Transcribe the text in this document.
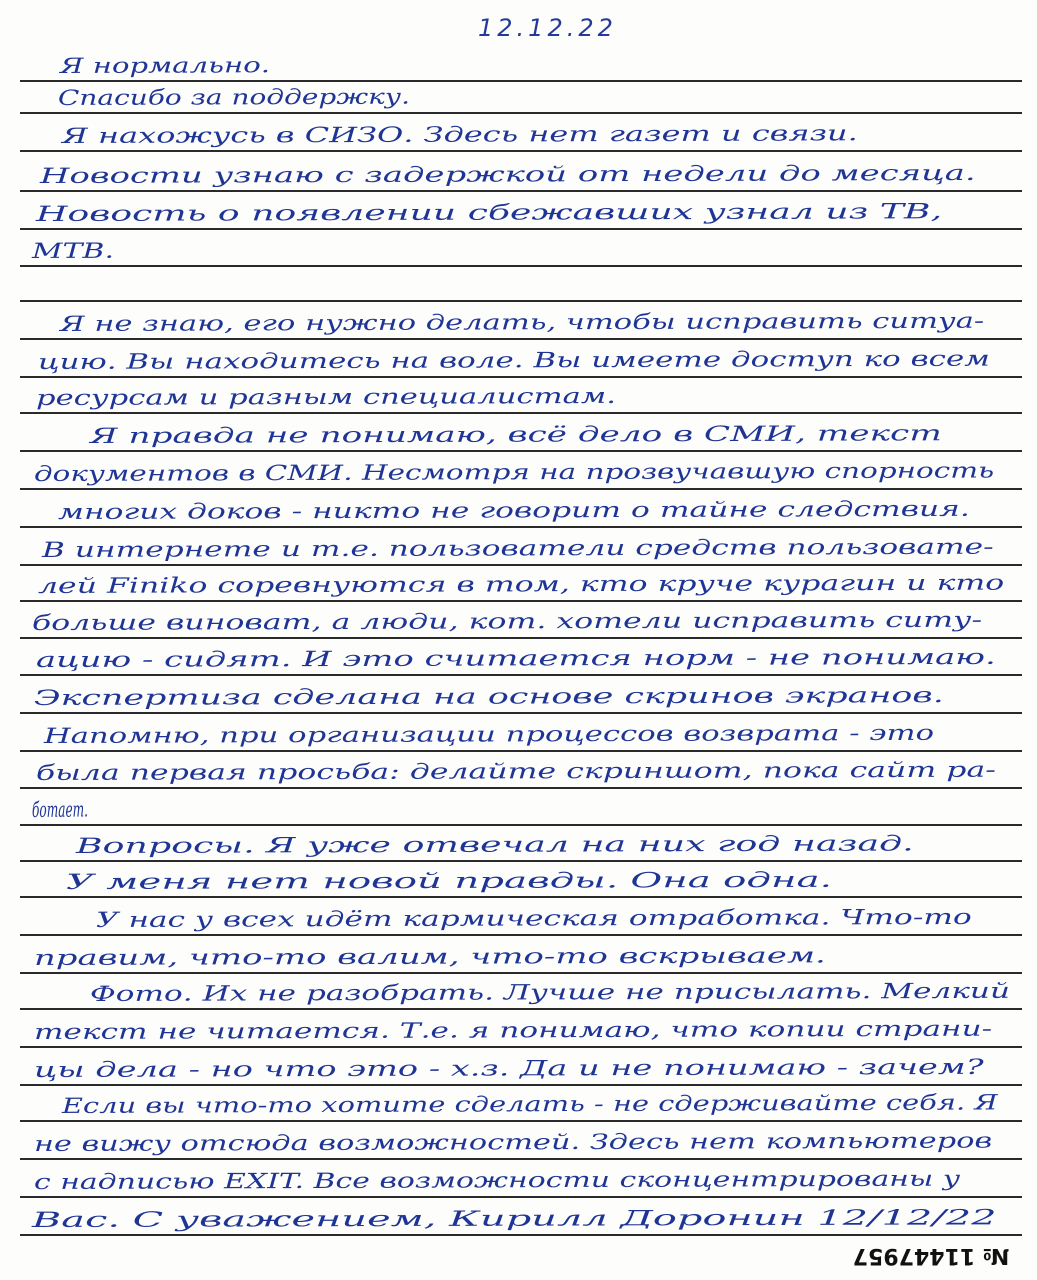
12.12.22
Я нормально.
Спасибо за поддержку.
Я нахожусь в СИЗО. Здесь нет газет и связи.
Новости узнаю с задержкой от недели до месяца.
Новость о появлении сбежавших узнал из ТВ,
МТВ.
Я не знаю, его нужно делать, чтобы исправить ситуа-
цию. Вы находитесь на воле. Вы имеете доступ ко всем
ресурсам и разным специалистам.
Я правда не понимаю, всё дело в СМИ, текст
документов в СМИ. Несмотря на прозвучавшую спорность
многих доков - никто не говорит о тайне следствия.
В интернете и т.е. пользователи средств пользовате-
лей Finiko соревнуются в том, кто круче курагин и кто
больше виноват, а люди, кот. хотели исправить ситу-
ацию - сидят. И это считается норм - не понимаю.
Экспертиза сделана на основе скринов экранов.
Напомню, при организации процессов возврата - это
была первая просьба: делайте скриншот, пока сайт ра-
ботает.
Вопросы. Я уже отвечал на них год назад.
У меня нет новой правды. Она одна.
У нас у всех идёт кармическая отработка. Что-то
правим, что-то валим, что-то вскрываем.
Фото. Их не разобрать. Лучше не присылать. Мелкий
текст не читается. Т.е. я понимаю, что копии страни-
цы дела - но что это - х.з. Да и не понимаю - зачем?
Если вы что-то хотите сделать - не сдерживайте себя. Я
не вижу отсюда возможностей. Здесь нет компьютеров
с надписью EXIT. Все возможности сконцентрированы у
Вас. С уважением, Кирилл Доронин 12/12/22
№ 11447957
